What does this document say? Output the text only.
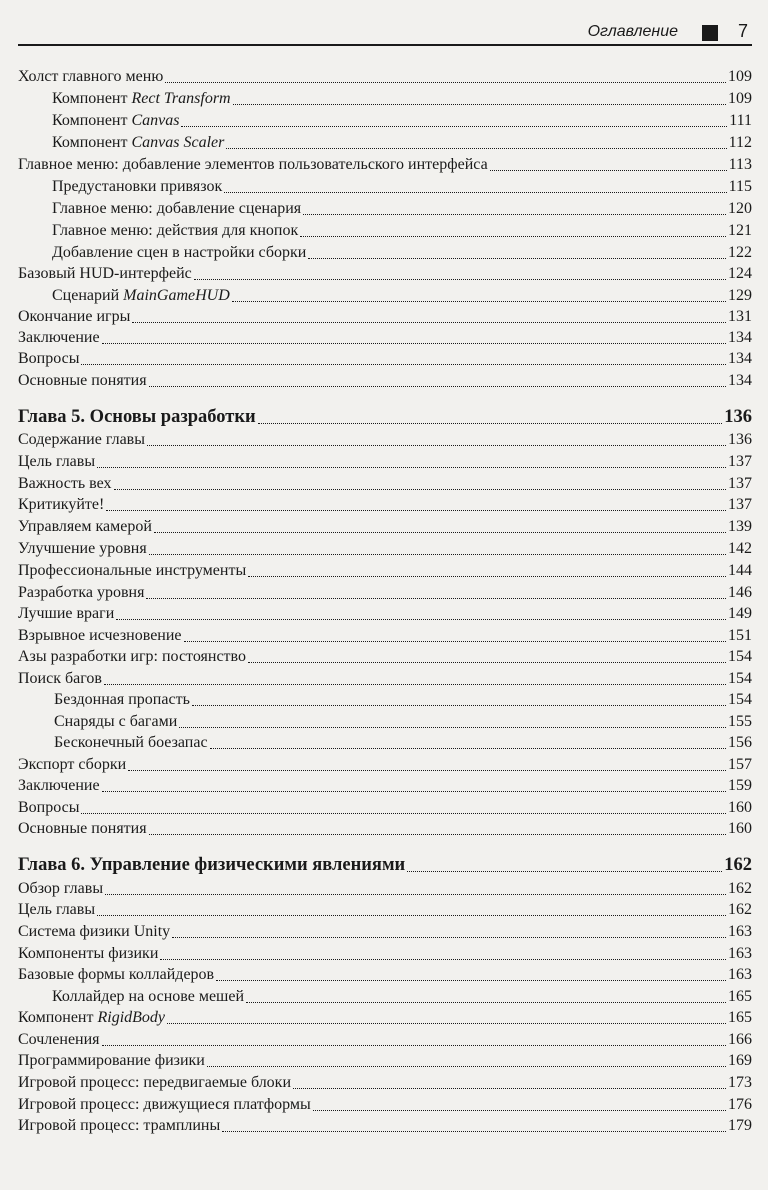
Оглавление	7
Холст главного меню	109
Компонент Rect Transform	109
Компонент Canvas	111
Компонент Canvas Scaler	112
Главное меню: добавление элементов пользовательского интерфейса	113
Предустановки привязок	115
Главное меню: добавление сценария	120
Главное меню: действия для кнопок	121
Добавление сцен в настройки сборки	122
Базовый HUD-интерфейс	124
Сценарий MainGameHUD	129
Окончание игры	131
Заключение	134
Вопросы	134
Основные понятия	134
Глава 5. Основы разработки	136
Содержание главы	136
Цель главы	137
Важность вех	137
Критикуйте!	137
Управляем камерой	139
Улучшение уровня	142
Профессиональные инструменты	144
Разработка уровня	146
Лучшие враги	149
Взрывное исчезновение	151
Азы разработки игр: постоянство	154
Поиск багов	154
Бездонная пропасть	154
Снаряды с багами	155
Бесконечный боезапас	156
Экспорт сборки	157
Заключение	159
Вопросы	160
Основные понятия	160
Глава 6. Управление физическими явлениями	162
Обзор главы	162
Цель главы	162
Система физики Unity	163
Компоненты физики	163
Базовые формы коллайдеров	163
Коллайдер на основе мешей	165
Компонент RigidBody	165
Сочленения	166
Программирование физики	169
Игровой процесс: передвигаемые блоки	173
Игровой процесс: движущиеся платформы	176
Игровой процесс: трамплины	179
